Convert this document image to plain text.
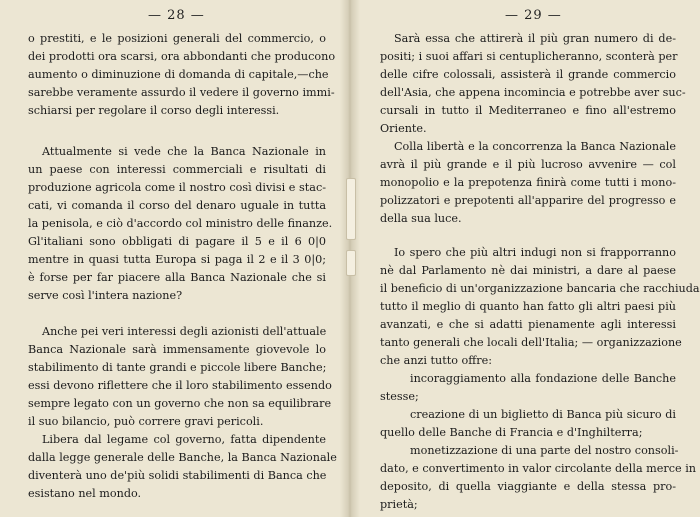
— 28 —	— 29 —
o prestiti, e le posizioni generali del commercio, o
dei prodotti ora scarsi, ora abbondanti che producono
aumento o diminuzione di domanda di capitale,—che
sarebbe veramente assurdo il vedere il governo immi-
schiarsi per regolare il corso degli interessi.
Attualmente si vede che la Banca Nazionale in
un paese con interessi commerciali e risultati di
produzione agricola come il nostro così divisi e stac-
cati, vi comanda il corso del denaro uguale in tutta
la penisola, e ciò d'accordo col ministro delle finanze.
Gl'italiani sono obbligati di pagare il 5 e il 6 0|0
mentre in quasi tutta Europa si paga il 2 e il 3 0|0;
è forse per far piacere alla Banca Nazionale che si
serve così l'intera nazione?
Anche pei veri interessi degli azionisti dell'attuale
Banca Nazionale sarà immensamente giovevole lo
stabilimento di tante grandi e piccole libere Banche;
essi devono riflettere che il loro stabilimento essendo
sempre legato con un governo che non sa equilibrare
il suo bilancio, può correre gravi pericoli.
Libera dal legame col governo, fatta dipendente
dalla legge generale delle Banche, la Banca Nazionale
diventerà uno de'più solidi stabilimenti di Banca che
esistano nel mondo.
Sarà essa che attirerà il più gran numero di de-
positi; i suoi affari si centuplicheranno, sconterà per
delle cifre colossali, assisterà il grande commercio
dell'Asia, che appena incomincia e potrebbe aver suc-
cursali in tutto il Mediterraneo e fino all'estremo
Oriente.
Colla libertà e la concorrenza la Banca Nazionale
avrà il più grande e il più lucroso avvenire — col
monopolio e la prepotenza finirà come tutti i mono-
polizzatori e prepotenti all'apparire del progresso e
della sua luce.
Io spero che più altri indugi non si frapporranno
nè dal Parlamento nè dai ministri, a dare al paese
il beneficio di un'organizzazione bancaria che racchiuda
tutto il meglio di quanto han fatto gli altri paesi più
avanzati, e che si adatti pienamente agli interessi
tanto generali che locali dell'Italia; — organizzazione
che anzi tutto offre:
incoraggiamento alla fondazione delle Banche
stesse;
creazione di un biglietto di Banca più sicuro di
quello delle Banche di Francia e d'Inghilterra;
monetizzazione di una parte del nostro consoli-
dato, e convertimento in valor circolante della merce in
deposito, di quella viaggiante e della stessa pro-
prietà;
